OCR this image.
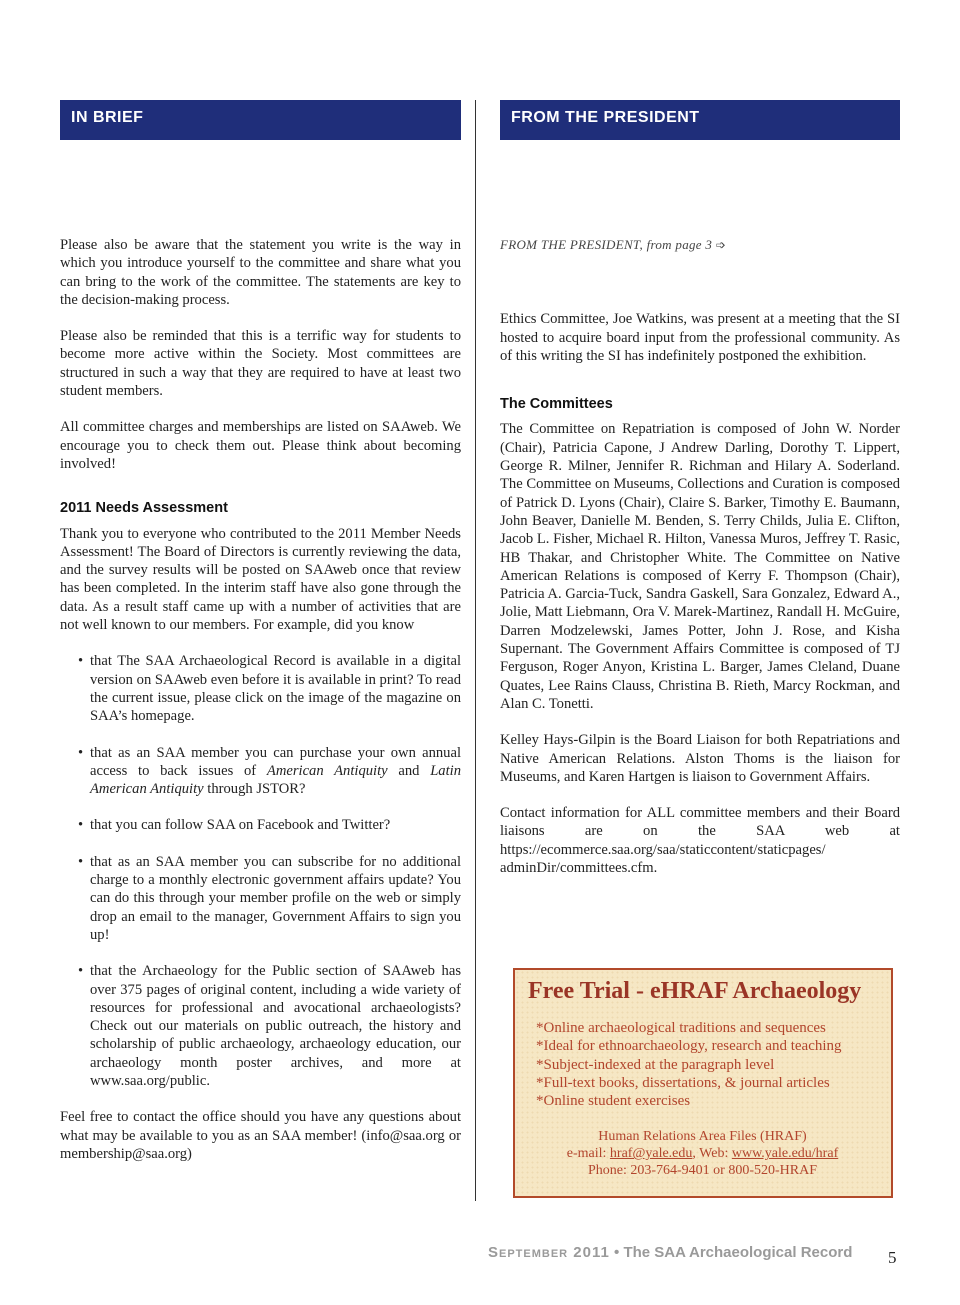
IN BRIEF	FROM THE PRESIDENT

Please also be aware that the statement you write is the way in which you introduce yourself to the committee and share what you can bring to the work of the committee. The statements are key to the decision-making process.

Please also be reminded that this is a terrific way for students to become more active within the Society. Most committees are structured in such a way that they are required to have at least two student members.

All committee charges and memberships are listed on SAAweb. We encourage you to check them out. Please think about becoming involved!

2011 Needs Assessment

Thank you to everyone who contributed to the 2011 Member Needs Assessment! The Board of Directors is currently reviewing the data, and the survey results will be posted on SAAweb once that review has been completed. In the interim staff have also gone through the data. As a result staff came up with a number of activities that are not well known to our members. For example, did you know

• that The SAA Archaeological Record is available in a digital version on SAAweb even before it is available in print? To read the current issue, please click on the image of the magazine on SAA’s homepage.
• that as an SAA member you can purchase your own annual access to back issues of American Antiquity and Latin American Antiquity through JSTOR?
• that you can follow SAA on Facebook and Twitter?
• that as an SAA member you can subscribe for no additional charge to a monthly electronic government affairs update? You can do this through your member profile on the web or simply drop an email to the manager, Government Affairs to sign you up!
• that the Archaeology for the Public section of SAAweb has over 375 pages of original content, including a wide variety of resources for professional and avocational archaeologists? Check out our materials on public outreach, the history and scholarship of public archaeology, archaeology education, our archaeology month poster archives, and more at www.saa.org/public.

Feel free to contact the office should you have any questions about what may be available to you as an SAA member! (info@saa.org or membership@saa.org)

FROM THE PRESIDENT, from page 3 ➩

Ethics Committee, Joe Watkins, was present at a meeting that the SI hosted to acquire board input from the professional community. As of this writing the SI has indefinitely postponed the exhibition.

The Committees

The Committee on Repatriation is composed of John W. Norder (Chair), Patricia Capone, J Andrew Darling, Dorothy T. Lippert, George R. Milner, Jennifer R. Richman and Hilary A. Soderland. The Committee on Museums, Collections and Curation is composed of Patrick D. Lyons (Chair), Claire S. Barker, Timothy E. Baumann, John Beaver, Danielle M. Benden, S. Terry Childs, Julia E. Clifton, Jacob L. Fisher, Michael R. Hilton, Vanessa Muros, Jeffrey T. Rasic, HB Thakar, and Christopher White. The Committee on Native American Relations is composed of Kerry F. Thompson (Chair), Patricia A. Garcia-Tuck, Sandra Gaskell, Sara Gonzalez, Edward A., Jolie, Matt Liebmann, Ora V. Marek-Martinez, Randall H. McGuire, Darren Modzelewski, James Potter, John J. Rose, and Kisha Supernant. The Government Affairs Committee is composed of TJ Ferguson, Roger Anyon, Kristina L. Barger, James Cleland, Duane Quates, Lee Rains Clauss, Christina B. Rieth, Marcy Rockman, and Alan C. Tonetti.

Kelley Hays-Gilpin is the Board Liaison for both Repatriations and Native American Relations. Alston Thoms is the liaison for Museums, and Karen Hartgen is liaison to Government Affairs.

Contact information for ALL committee members and their Board liaisons are on the SAA web at https://ecommerce.saa.org/saa/staticcontent/staticpages/ adminDir/committees.cfm.

Free Trial - eHRAF Archaeology
*Online archaeological traditions and sequences
*Ideal for ethnoarchaeology, research and teaching
*Subject-indexed at the paragraph level
*Full-text books, dissertations, & journal articles
*Online student exercises
Human Relations Area Files (HRAF)
e-mail: hraf@yale.edu, Web: www.yale.edu/hraf
Phone: 203-764-9401 or 800-520-HRAF
September 2011 • The SAA Archaeological Record 5
